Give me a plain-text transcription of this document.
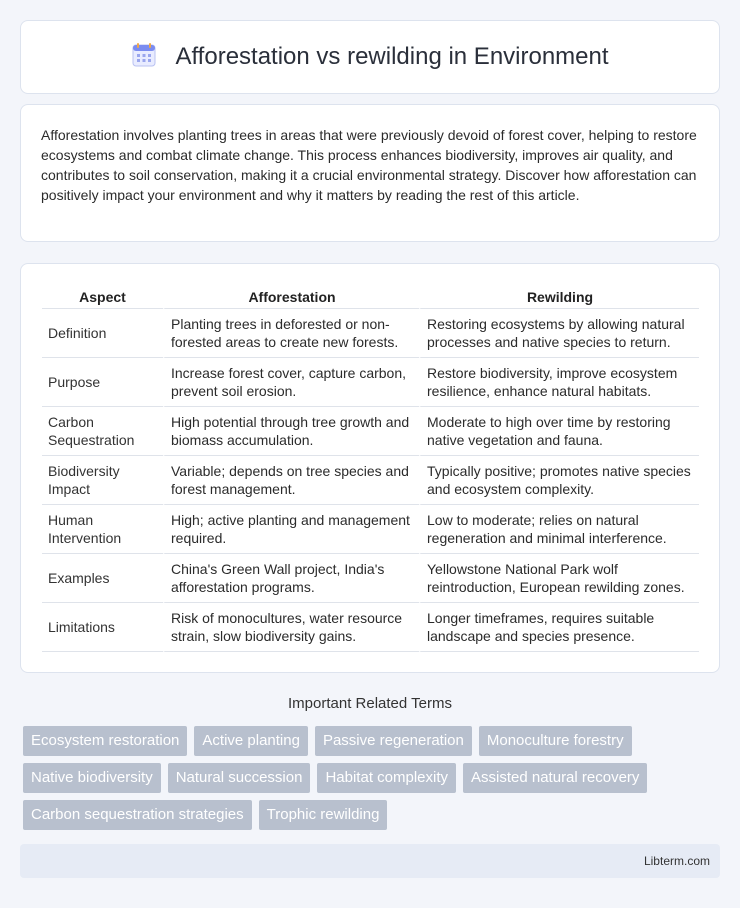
Afforestation vs rewilding in Environment

Afforestation involves planting trees in areas that were previously devoid of forest cover, helping to restore ecosystems and combat climate change. This process enhances biodiversity, improves air quality, and contributes to soil conservation, making it a crucial environmental strategy. Discover how afforestation can positively impact your environment and why it matters by reading the rest of this article.

Aspect	Afforestation	Rewilding
Definition	Planting trees in deforested or non-forested areas to create new forests.	Restoring ecosystems by allowing natural processes and native species to return.
Purpose	Increase forest cover, capture carbon, prevent soil erosion.	Restore biodiversity, improve ecosystem resilience, enhance natural habitats.
Carbon Sequestration	High potential through tree growth and biomass accumulation.	Moderate to high over time by restoring native vegetation and fauna.
Biodiversity Impact	Variable; depends on tree species and forest management.	Typically positive; promotes native species and ecosystem complexity.
Human Intervention	High; active planting and management required.	Low to moderate; relies on natural regeneration and minimal interference.
Examples	China's Green Wall project, India's afforestation programs.	Yellowstone National Park wolf reintroduction, European rewilding zones.
Limitations	Risk of monocultures, water resource strain, slow biodiversity gains.	Longer timeframes, requires suitable landscape and species presence.
Important Related Terms
Ecosystem restoration	Active planting	Passive regeneration	Monoculture forestry
Native biodiversity	Natural succession	Habitat complexity	Assisted natural recovery
Carbon sequestration strategies	Trophic rewilding
Libterm.com
